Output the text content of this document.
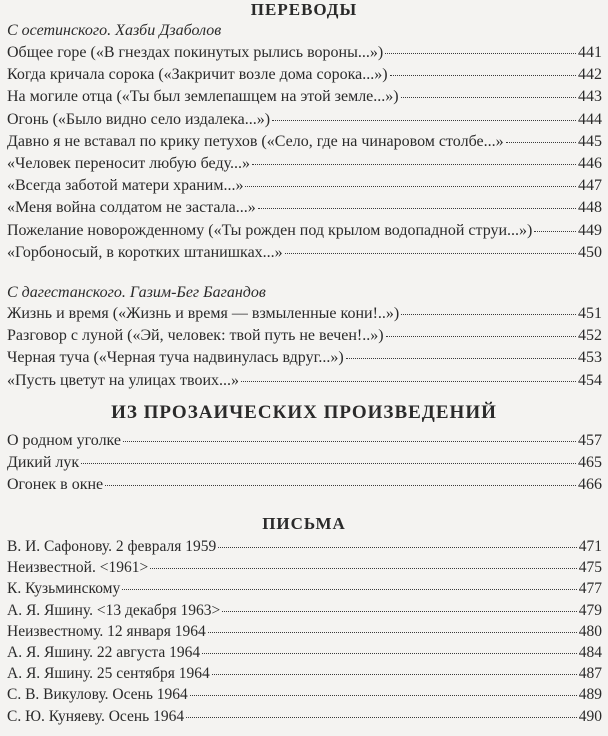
ПЕРЕВОДЫ
С осетинского. Хазби Дзаболов
Общее горе («В гнездах покинутых рылись вороны...»)	441
Когда кричала сорока («Закричит возле дома сорока...»)	442
На могиле отца («Ты был землепашцем на этой земле...»)	443
Огонь («Было видно село издалека...»)	444
Давно я не вставал по крику петухов («Село, где на чинаровом столбе...»	445
«Человек переносит любую беду...»	446
«Всегда заботой матери храним...»	447
«Меня война солдатом не застала...»	448
Пожелание новорожденному («Ты рожден под крылом водопадной струи...»)	449
«Горбоносый, в коротких штанишках...»	450
С дагестанского. Газим-Бег Багандов
Жизнь и время («Жизнь и время — взмыленные кони!..»)	451
Разговор с луной («Эй, человек: твой путь не вечен!..»)	452
Черная туча («Черная туча надвинулась вдруг...»)	453
«Пусть цветут на улицах твоих...»	454
ИЗ ПРОЗАИЧЕСКИХ ПРОИЗВЕДЕНИЙ
О родном уголке	457
Дикий лук	465
Огонек в окне	466
ПИСЬМА
В. И. Сафонову. 2 февраля 1959	471
Неизвестной. <1961>	475
К. Кузьминскому	477
А. Я. Яшину. <13 декабря 1963>	479
Неизвестному. 12 января 1964	480
А. Я. Яшину. 22 августа 1964	484
А. Я. Яшину. 25 сентября 1964	487
С. В. Викулову. Осень 1964	489
С. Ю. Куняеву. Осень 1964	490
